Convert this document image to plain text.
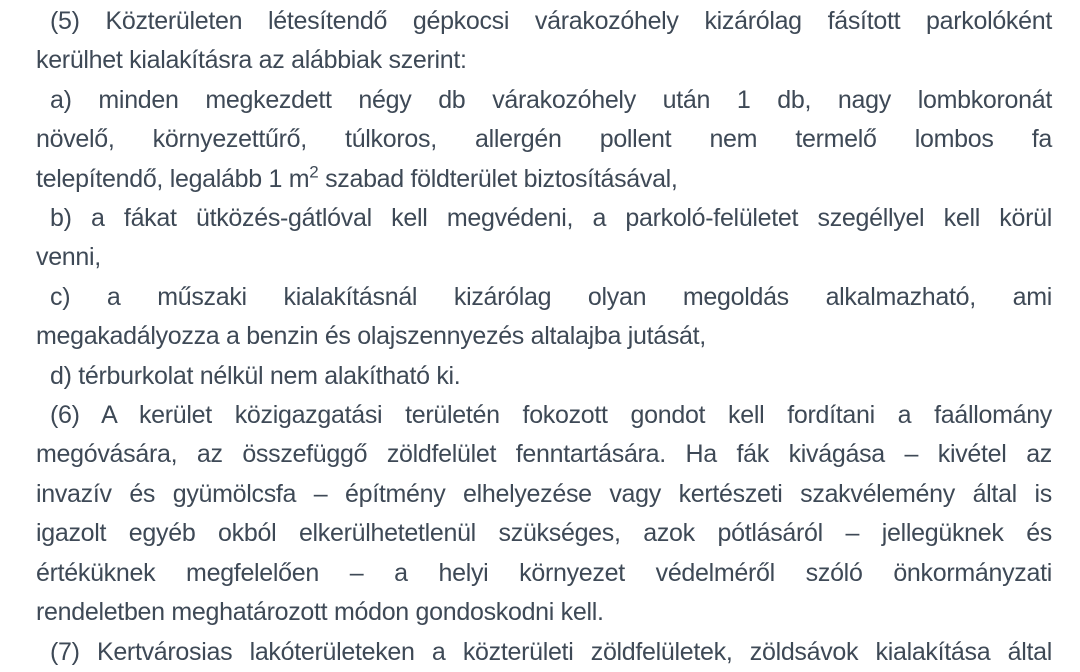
(5) Közterületen létesítendő gépkocsi várakozóhely kizárólag fásított parkolóként
kerülhet kialakításra az alábbiak szerint:
a) minden megkezdett négy db várakozóhely után 1 db, nagy lombkoronát
növelő, környezettűrő, túlkoros, allergén pollent nem termelő lombos fa
telepítendő, legalább 1 $m^2$ szabad földterület biztosításával,
b) a fákat ütközés-gátlóval kell megvédeni, a parkoló-felületet szegéllyel kell körül
venni,
c) a műszaki kialakításnál kizárólag olyan megoldás alkalmazható, ami
megakadályozza a benzin és olajszennyezés altalajba jutását,
d) térburkolat nélkül nem alakítható ki.
(6) A kerület közigazgatási területén fokozott gondot kell fordítani a faállomány
megóvására, az összefüggő zöldfelület fenntartására. Ha fák kivágása – kivétel az
invazív és gyümölcsfa – építmény elhelyezése vagy kertészeti szakvélemény által is
igazolt egyéb okból elkerülhetetlenül szükséges, azok pótlásáról – jellegüknek és
értéküknek megfelelően – a helyi környezet védelméről szóló önkormányzati
rendeletben meghatározott módon gondoskodni kell.
(7) Kertvárosias lakóterületeken a közterületi zöldfelületek, zöldsávok kialakítása által
